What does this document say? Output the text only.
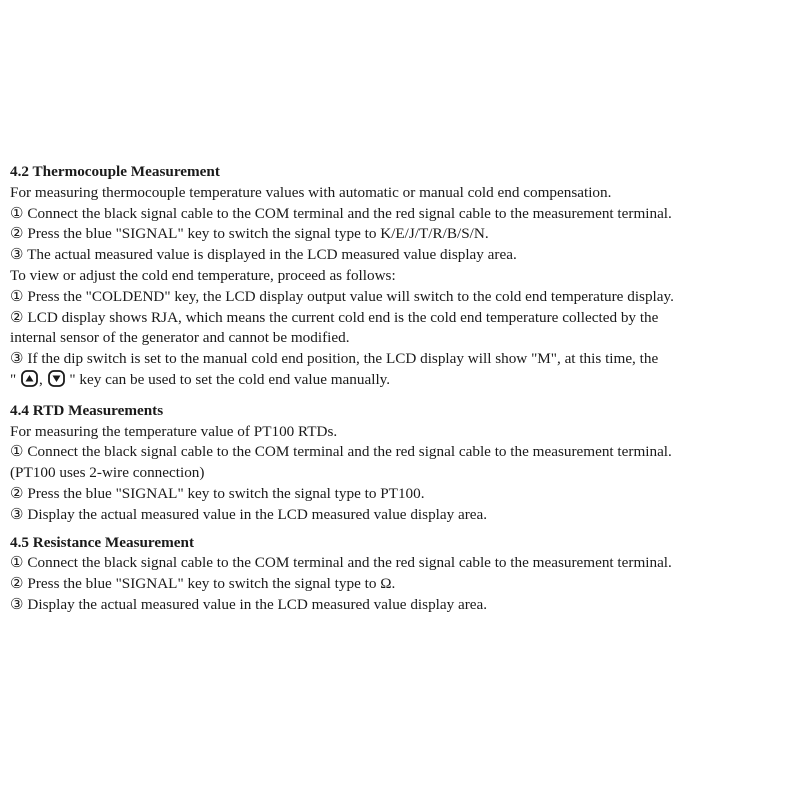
4.2 Thermocouple Measurement
For measuring thermocouple temperature values with automatic or manual cold end compensation.
① Connect the black signal cable to the COM terminal and the red signal cable to the measurement terminal.
② Press the blue "SIGNAL" key to switch the signal type to K/E/J/T/R/B/S/N.
③ The actual measured value is displayed in the LCD measured value display area.
To view or adjust the cold end temperature, proceed as follows:
① Press the "COLDEND" key, the LCD display output value will switch to the cold end temperature display.
② LCD display shows RJA, which means the current cold end is the cold end temperature collected by the
internal sensor of the generator and cannot be modified.
③ If the dip switch is set to the manual cold end position, the LCD display will show "M", at this time, the
" , " key can be used to set the cold end value manually.
4.4 RTD Measurements
For measuring the temperature value of PT100 RTDs.
① Connect the black signal cable to the COM terminal and the red signal cable to the measurement terminal.
(PT100 uses 2-wire connection)
② Press the blue "SIGNAL" key to switch the signal type to PT100.
③ Display the actual measured value in the LCD measured value display area.
4.5 Resistance Measurement
① Connect the black signal cable to the COM terminal and the red signal cable to the measurement terminal.
② Press the blue "SIGNAL" key to switch the signal type to Ω.
③ Display the actual measured value in the LCD measured value display area.
